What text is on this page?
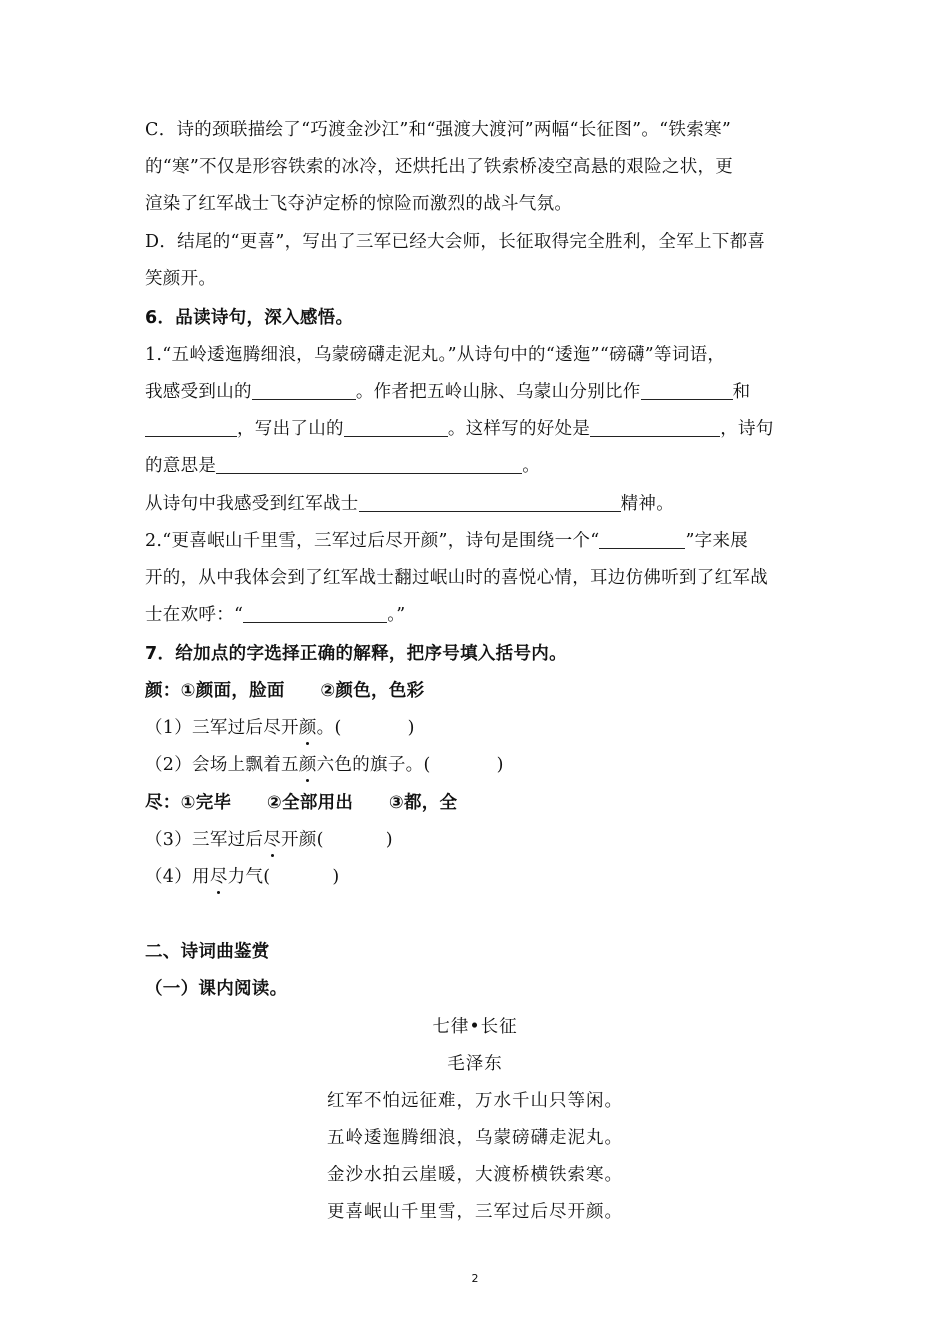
C．诗的颈联描绘了“巧渡金沙江”和“强渡大渡河”两幅“长征图”。“铁索寒”
的“寒”不仅是形容铁索的冰冷，还烘托出了铁索桥凌空高悬的艰险之状，更
渲染了红军战士飞夺泸定桥的惊险而激烈的战斗气氛。
D．结尾的“更喜”，写出了三军已经大会师，长征取得完全胜利，全军上下都喜
笑颜开。
6．品读诗句，深入感悟。
1.“五岭逶迤腾细浪，乌蒙磅礴走泥丸。”从诗句中的“逶迤”“磅礴”等词语，
我感受到山的	。作者把五岭山脉、乌蒙山分别比作	和
，写出了山的	。这样写的好处是	，诗句
的意思是	。
从诗句中我感受到红军战士	精神。
2.“更喜岷山千里雪，三军过后尽开颜”，诗句是围绕一个“	”字来展
开的，从中我体会到了红军战士翻过岷山时的喜悦心情，耳边仿佛听到了红军战
士在欢呼：“	。”
7．给加点的字选择正确的解释，把序号填入括号内。
颜：①颜面，脸面　　②颜色，色彩
（1）三军过后尽开颜。(	)
（2）会场上飘着五颜六色的旗子。(	)
尽：①完毕　　②全部用出　　③都，全
（3）三军过后尽开颜(	)
（4）用尽力气(	)
二、诗词曲鉴赏
（一）课内阅读。
七律•长征
毛泽东
红军不怕远征难，万水千山只等闲。
五岭逶迤腾细浪，乌蒙磅礴走泥丸。
金沙水拍云崖暖，大渡桥横铁索寒。
更喜岷山千里雪，三军过后尽开颜。
2
